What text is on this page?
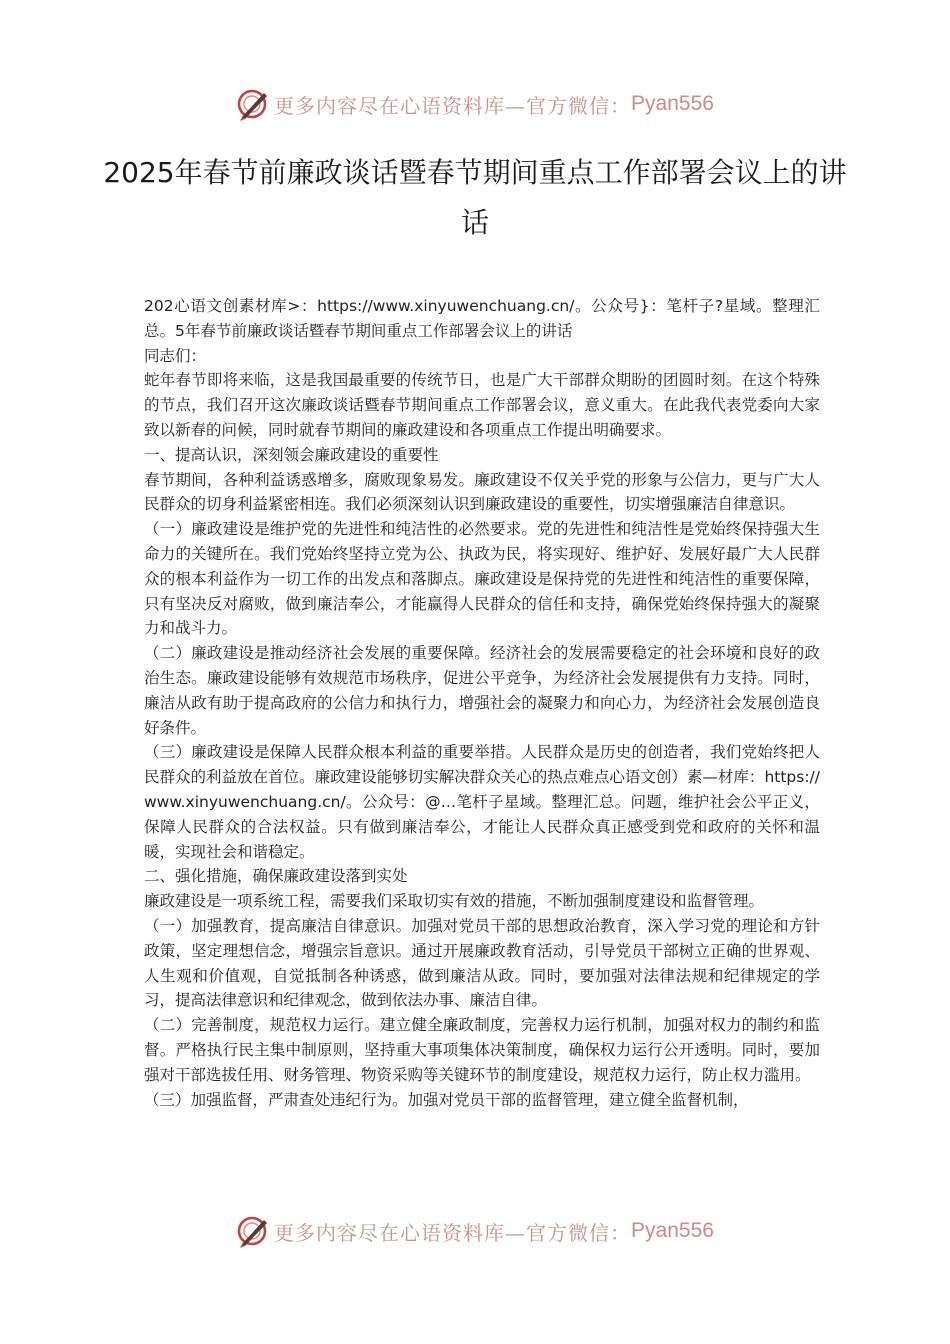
更多内容尽在心语资料库—官方微信： Pyan556
2025年春节前廉政谈话暨春节期间重点工作部署会议上的讲话

202心语文创素材库>：https://www.xinyuwenchuang.cn/。公众号}：笔杆子?星域。整理汇总。5年春节前廉政谈话暨春节期间重点工作部署会议上的讲话

同志们：

蛇年春节即将来临，这是我国最重要的传统节日，也是广大干部群众期盼的团圆时刻。在这个特殊的节点，我们召开这次廉政谈话暨春节期间重点工作部署会议，意义重大。在此我代表党委向大家致以新春的问候，同时就春节期间的廉政建设和各项重点工作提出明确要求。

一、提高认识，深刻领会廉政建设的重要性

春节期间，各种利益诱惑增多，腐败现象易发。廉政建设不仅关乎党的形象与公信力，更与广大人民群众的切身利益紧密相连。我们必须深刻认识到廉政建设的重要性，切实增强廉洁自律意识。

（一）廉政建设是维护党的先进性和纯洁性的必然要求。党的先进性和纯洁性是党始终保持强大生命力的关键所在。我们党始终坚持立党为公、执政为民，将实现好、维护好、发展好最广大人民群众的根本利益作为一切工作的出发点和落脚点。廉政建设是保持党的先进性和纯洁性的重要保障，只有坚决反对腐败，做到廉洁奉公，才能赢得人民群众的信任和支持，确保党始终保持强大的凝聚力和战斗力。

（二）廉政建设是推动经济社会发展的重要保障。经济社会的发展需要稳定的社会环境和良好的政治生态。廉政建设能够有效规范市场秩序，促进公平竞争，为经济社会发展提供有力支持。同时，廉洁从政有助于提高政府的公信力和执行力，增强社会的凝聚力和向心力，为经济社会发展创造良好条件。

（三）廉政建设是保障人民群众根本利益的重要举措。人民群众是历史的创造者，我们党始终把人民群众的利益放在首位。廉政建设能够切实解决群众关心的热点难点心语文创）素—材库：https://www.xinyuwenchuang.cn/。公众号：@…笔杆子星域。整理汇总。问题，维护社会公平正义，保障人民群众的合法权益。只有做到廉洁奉公，才能让人民群众真正感受到党和政府的关怀和温暖，实现社会和谐稳定。

二、强化措施，确保廉政建设落到实处

廉政建设是一项系统工程，需要我们采取切实有效的措施，不断加强制度建设和监督管理。

（一）加强教育，提高廉洁自律意识。加强对党员干部的思想政治教育，深入学习党的理论和方针政策，坚定理想信念，增强宗旨意识。通过开展廉政教育活动，引导党员干部树立正确的世界观、人生观和价值观，自觉抵制各种诱惑，做到廉洁从政。同时，要加强对法律法规和纪律规定的学习，提高法律意识和纪律观念，做到依法办事、廉洁自律。

（二）完善制度，规范权力运行。建立健全廉政制度，完善权力运行机制，加强对权力的制约和监督。严格执行民主集中制原则，坚持重大事项集体决策制度，确保权力运行公开透明。同时，要加强对干部选拔任用、财务管理、物资采购等关键环节的制度建设，规范权力运行，防止权力滥用。

（三）加强监督，严肃查处违纪行为。加强对党员干部的监督管理，建立健全监督机制，

更多内容尽在心语资料库—官方微信： Pyan556
